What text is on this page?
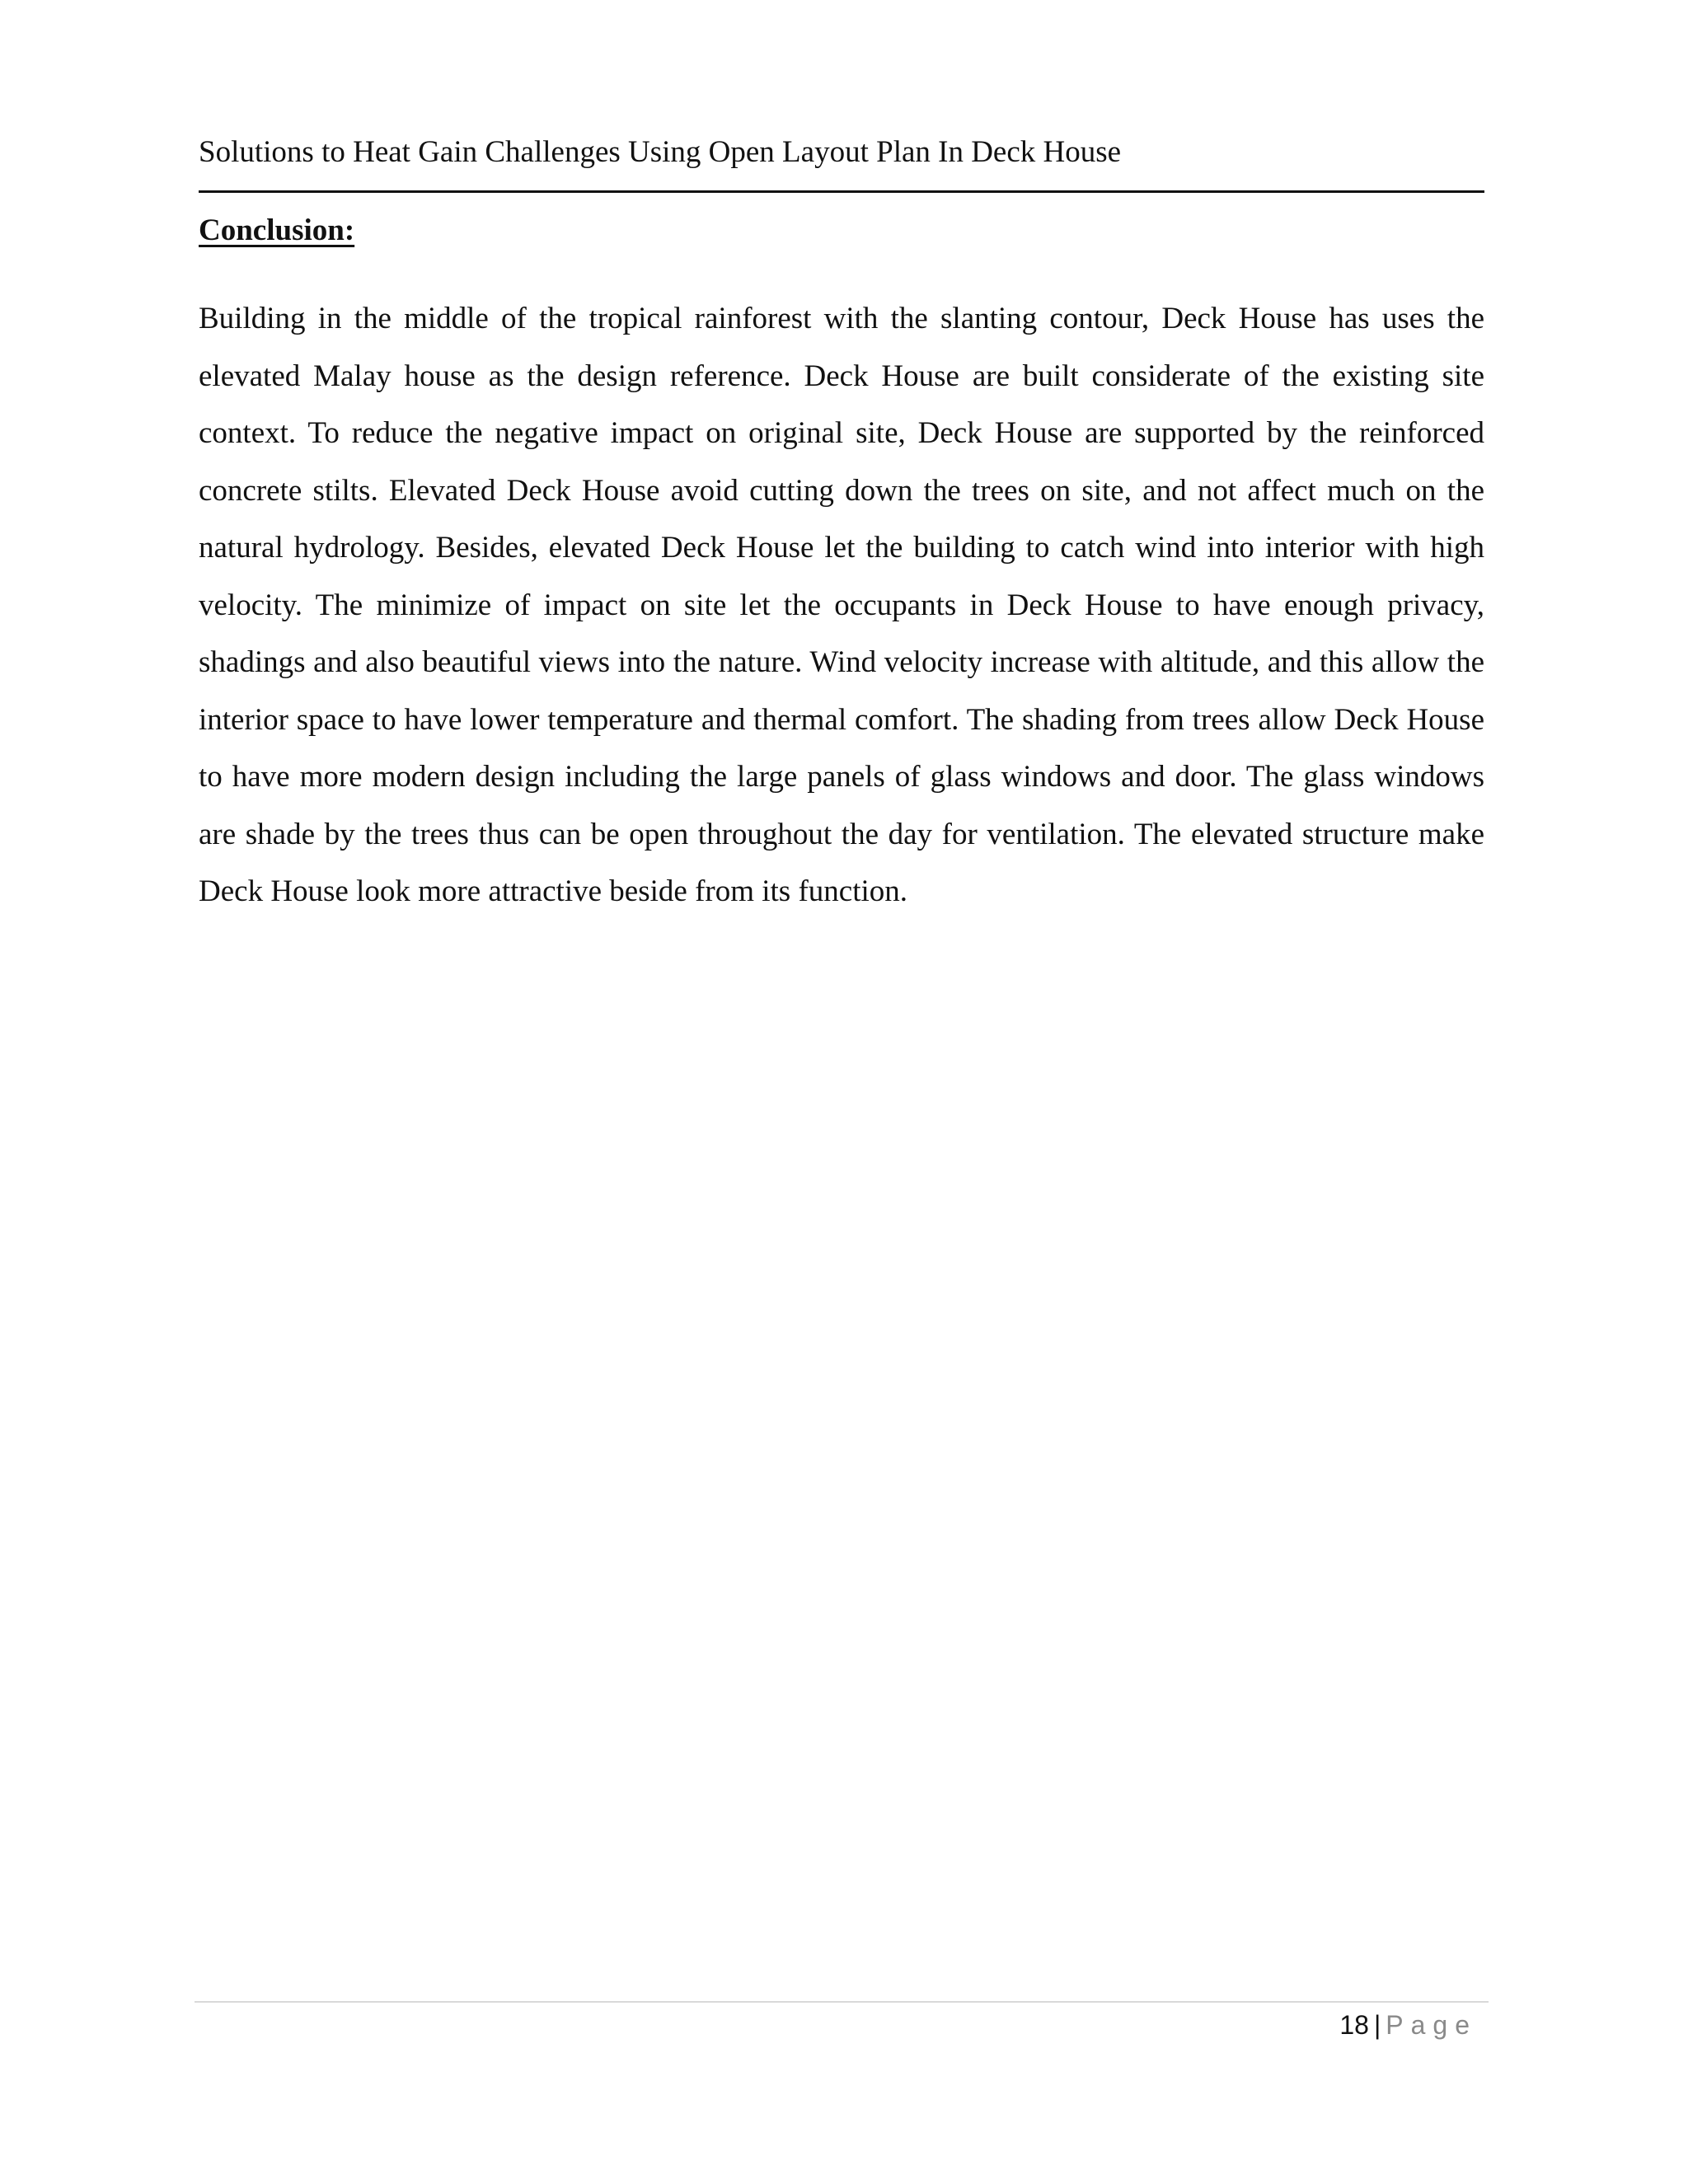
Solutions to Heat Gain Challenges Using Open Layout Plan In Deck House
Conclusion:

Building in the middle of the tropical rainforest with the slanting contour, Deck House has uses the elevated Malay house as the design reference. Deck House are built considerate of the existing site context. To reduce the negative impact on original site, Deck House are supported by the reinforced concrete stilts. Elevated Deck House avoid cutting down the trees on site, and not affect much on the natural hydrology. Besides, elevated Deck House let the building to catch wind into interior with high velocity. The minimize of impact on site let the occupants in Deck House to have enough privacy, shadings and also beautiful views into the nature. Wind velocity increase with altitude, and this allow the interior space to have lower temperature and thermal comfort. The shading from trees allow Deck House to have more modern design including the large panels of glass windows and door. The glass windows are shade by the trees thus can be open throughout the day for ventilation. The elevated structure make Deck House look more attractive beside from its function.

18 | Page
